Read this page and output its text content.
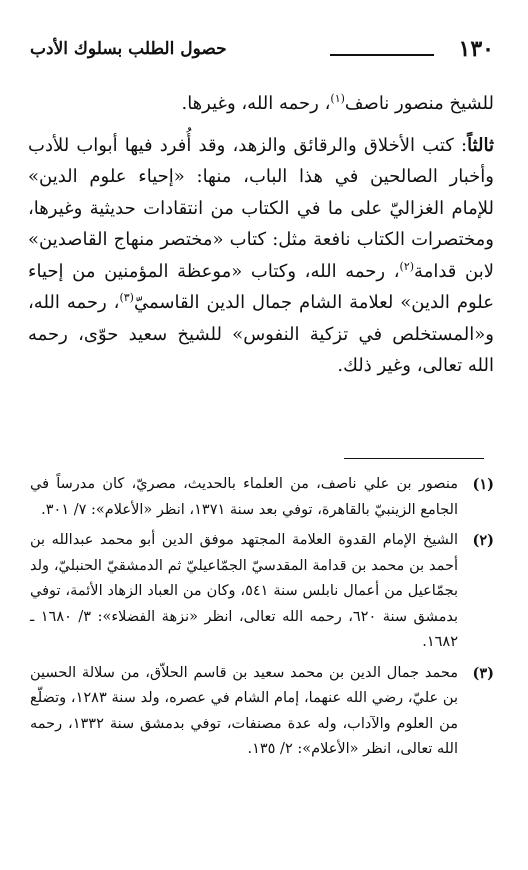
١٣٠
حصول الطلب بسلوك الأدب

للشيخ منصور ناصف$^{(١)}$، رحمه الله، وغيرها.

ثالثاً: كتب الأخلاق والرقائق والزهد، وقد أُفرد فيها أبواب للأدب وأخبار الصالحين في هذا الباب، منها: «إحياء علوم الدين» للإمام الغزاليّ على ما في الكتاب من انتقادات حديثية وغيرها، ومختصرات الكتاب نافعة مثل: كتاب «مختصر منهاج القاصدين» لابن قدامة$^{(٢)}$، رحمه الله، وكتاب «موعظة المؤمنين من إحياء علوم الدين» لعلامة الشام جمال الدين القاسميّ$^{(٣)}$، رحمه الله، و«المستخلص في تزكية النفوس» للشيخ سعيد حوّى، رحمه الله تعالى، وغير ذلك.

(١)
منصور بن علي ناصف، من العلماء بالحديث، مصريّ، كان مدرساً في الجامع الزينبيّ بالقاهرة، توفي بعد سنة ١٣٧١، انظر «الأعلام»: ٧/ ٣٠١.
(٢)
الشيخ الإمام القدوة العلامة المجتهد موفق الدين أبو محمد عبدالله بن أحمد بن محمد بن قدامة المقدسيّ الجمّاعيليّ ثم الدمشقيّ الحنبليّ، ولد بجمّاعيل من أعمال نابلس سنة ٥٤١، وكان من العباد الزهاد الأئمة، توفي بدمشق سنة ٦٢٠، رحمه الله تعالى، انظر «نزهة الفضلاء»: ٣/ ١٦٨٠ ـ ١٦٨٢.
(٣)
محمد جمال الدين بن محمد سعيد بن قاسم الحلاّق، من سلالة الحسين بن عليّ، رضي الله عنهما، إمام الشام في عصره، ولد سنة ١٢٨٣، وتضلّع من العلوم والآداب، وله عدة مصنفات، توفي بدمشق سنة ١٣٣٢، رحمه الله تعالى، انظر «الأعلام»: ٢/ ١٣٥.
